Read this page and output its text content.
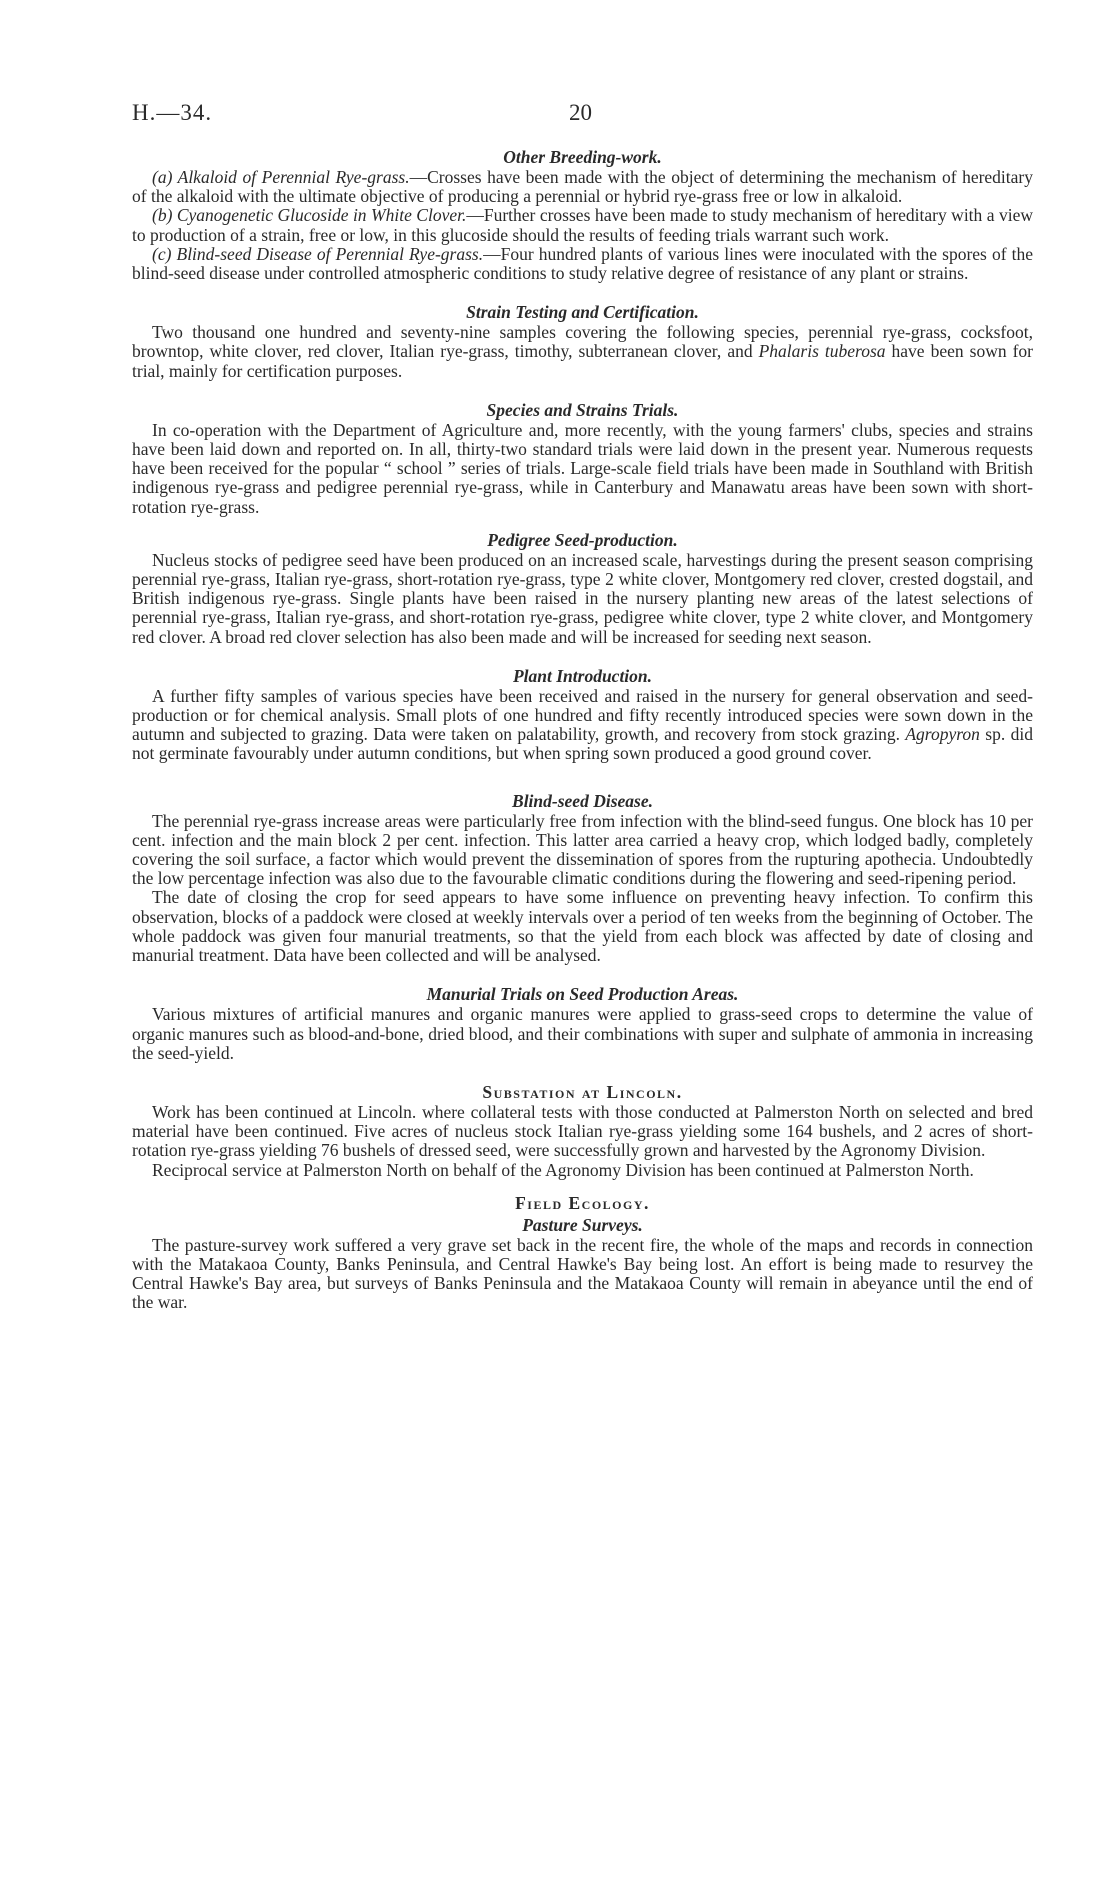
H.—34.	20
Other Breeding-work.

(a) Alkaloid of Perennial Rye-grass.—Crosses have been made with the object of determining the mechanism of hereditary of the alkaloid with the ultimate objective of producing a perennial or hybrid rye-grass free or low in alkaloid.

(b) Cyanogenetic Glucoside in White Clover.—Further crosses have been made to study mechanism of hereditary with a view to production of a strain, free or low, in this glucoside should the results of feeding trials warrant such work.

(c) Blind-seed Disease of Perennial Rye-grass.—Four hundred plants of various lines were inoculated with the spores of the blind-seed disease under controlled atmospheric conditions to study relative degree of resistance of any plant or strains.

Strain Testing and Certification.

Two thousand one hundred and seventy-nine samples covering the following species, perennial rye-grass, cocksfoot, browntop, white clover, red clover, Italian rye-grass, timothy, subterranean clover, and Phalaris tuberosa have been sown for trial, mainly for certification purposes.

Species and Strains Trials.

In co-operation with the Department of Agriculture and, more recently, with the young farmers' clubs, species and strains have been laid down and reported on. In all, thirty-two standard trials were laid down in the present year. Numerous requests have been received for the popular “ school ” series of trials. Large-scale field trials have been made in Southland with British indigenous rye-grass and pedigree perennial rye-grass, while in Canterbury and Manawatu areas have been sown with short-rotation rye-grass.

Pedigree Seed-production.

Nucleus stocks of pedigree seed have been produced on an increased scale, harvestings during the present season comprising perennial rye-grass, Italian rye-grass, short-rotation rye-grass, type 2 white clover, Montgomery red clover, crested dogstail, and British indigenous rye-grass. Single plants have been raised in the nursery planting new areas of the latest selections of perennial rye-grass, Italian rye-grass, and short-rotation rye-grass, pedigree white clover, type 2 white clover, and Montgomery red clover. A broad red clover selection has also been made and will be increased for seeding next season.

Plant Introduction.

A further fifty samples of various species have been received and raised in the nursery for general observation and seed-production or for chemical analysis. Small plots of one hundred and fifty recently introduced species were sown down in the autumn and subjected to grazing. Data were taken on palatability, growth, and recovery from stock grazing. Agropyron sp. did not germinate favourably under autumn conditions, but when spring sown produced a good ground cover.

Blind-seed Disease.

The perennial rye-grass increase areas were particularly free from infection with the blind-seed fungus. One block has 10 per cent. infection and the main block 2 per cent. infection. This latter area carried a heavy crop, which lodged badly, completely covering the soil surface, a factor which would prevent the dissemination of spores from the rupturing apothecia. Undoubtedly the low percentage infection was also due to the favourable climatic conditions during the flowering and seed-ripening period.

The date of closing the crop for seed appears to have some influence on preventing heavy infection. To confirm this observation, blocks of a paddock were closed at weekly intervals over a period of ten weeks from the beginning of October. The whole paddock was given four manurial treatments, so that the yield from each block was affected by date of closing and manurial treatment. Data have been collected and will be analysed.

Manurial Trials on Seed Production Areas.

Various mixtures of artificial manures and organic manures were applied to grass-seed crops to determine the value of organic manures such as blood-and-bone, dried blood, and their combinations with super and sulphate of ammonia in increasing the seed-yield.

Substation at Lincoln.

Work has been continued at Lincoln. where collateral tests with those conducted at Palmerston North on selected and bred material have been continued. Five acres of nucleus stock Italian rye-grass yielding some 164 bushels, and 2 acres of short-rotation rye-grass yielding 76 bushels of dressed seed, were successfully grown and harvested by the Agronomy Division.

Reciprocal service at Palmerston North on behalf of the Agronomy Division has been continued at Palmerston North.

Field Ecology.
Pasture Surveys.

The pasture-survey work suffered a very grave set back in the recent fire, the whole of the maps and records in connection with the Matakaoa County, Banks Peninsula, and Central Hawke's Bay being lost. An effort is being made to resurvey the Central Hawke's Bay area, but surveys of Banks Peninsula and the Matakaoa County will remain in abeyance until the end of the war.
